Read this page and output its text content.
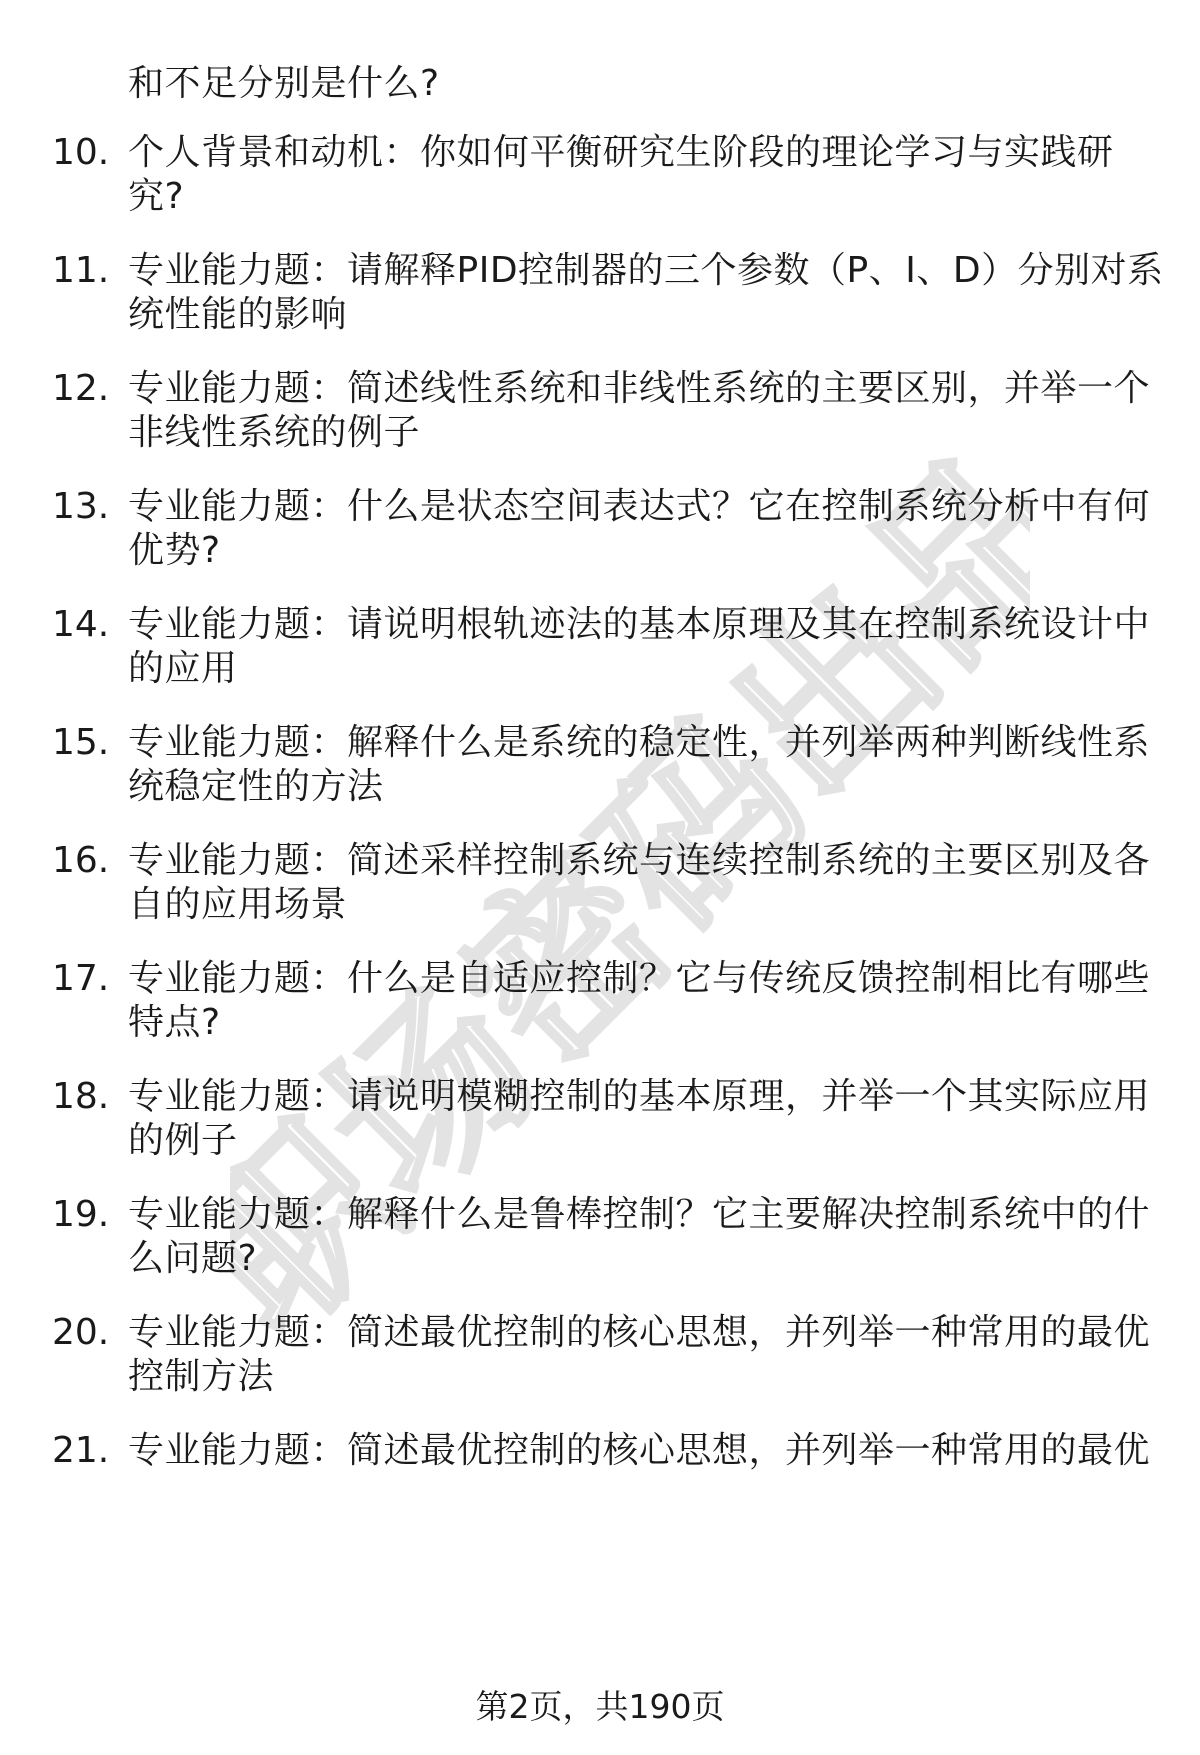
职场密码出品
和不足分别是什么?
10. 个人背景和动机：你如何平衡研究生阶段的理论学习与实践研
究?
11. 专业能力题：请解释PID控制器的三个参数（P、I、D）分别对系
统性能的影响
12. 专业能力题：简述线性系统和非线性系统的主要区别，并举一个
非线性系统的例子
13. 专业能力题：什么是状态空间表达式？它在控制系统分析中有何
优势?
14. 专业能力题：请说明根轨迹法的基本原理及其在控制系统设计中
的应用
15. 专业能力题：解释什么是系统的稳定性，并列举两种判断线性系
统稳定性的方法
16. 专业能力题：简述采样控制系统与连续控制系统的主要区别及各
自的应用场景
17. 专业能力题：什么是自适应控制？它与传统反馈控制相比有哪些
特点?
18. 专业能力题：请说明模糊控制的基本原理，并举一个其实际应用
的例子
19. 专业能力题：解释什么是鲁棒控制？它主要解决控制系统中的什
么问题?
20. 专业能力题：简述最优控制的核心思想，并列举一种常用的最优
控制方法
21. 专业能力题：简述最优控制的核心思想，并列举一种常用的最优
第2页，共190页
